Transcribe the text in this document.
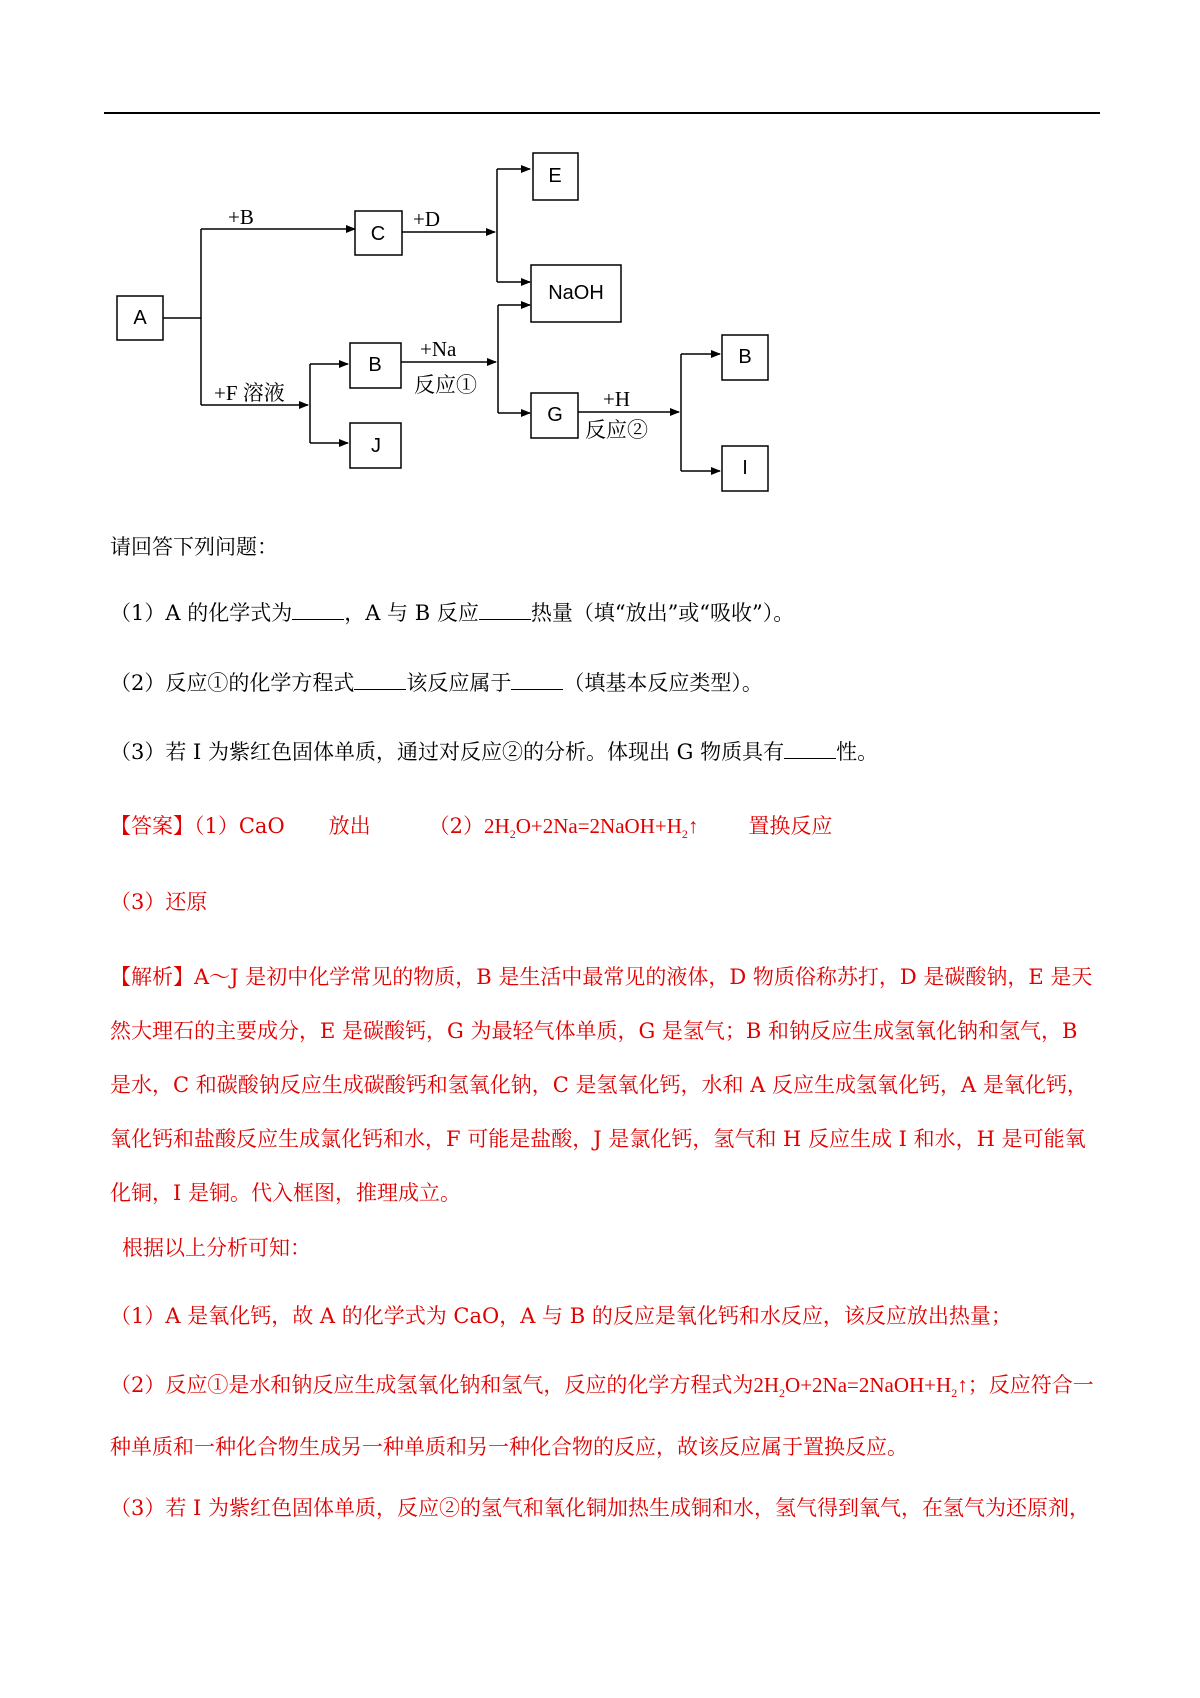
A
C
E
NaOH
B
J
G
B
I
+B	+D
+F 溶液
+Na
反应①
+H
反应②
请回答下列问题：
（1）A 的化学式为 ，A 与 B 反应 热量（填“放出”或“吸收”）。
（2）反应①的化学方程式 该反应属于 （填基本反应类型）。
（3）若 I 为紫红色固体单质，通过对反应②的分析。体现出 G 物质具有 性。
【答案】（1）CaO 放出	$(2)2H_2O+2Na=2NaOH+H_2↑$ 置换反应
（3）还原
【解析】A～J 是初中化学常见的物质，B 是生活中最常见的液体，D 物质俗称苏打，D 是碳酸钠，E 是天然大理石的主要成分，E 是碳酸钙，G 为最轻气体单质，G 是氢气；B 和钠反应生成氢氧化钠和氢气，B 是水，C 和碳酸钠反应生成碳酸钙和氢氧化钠，C 是氢氧化钙，水和 A 反应生成氢氧化钙，A 是氧化钙，氧化钙和盐酸反应生成氯化钙和水，F 可能是盐酸，J 是氯化钙，氢气和 H 反应生成 I 和水，H 是可能氧化铜，I 是铜。代入框图，推理成立。
根据以上分析可知：
（1）A 是氧化钙，故 A 的化学式为 CaO，A 与 B 的反应是氧化钙和水反应，该反应放出热量；
（2）反应①是水和钠反应生成氢氧化钠和氢气，反应的化学方程式为$2H_2O+2Na=2NaOH+H_2↑$；反应符合一种单质和一种化合物生成另一种单质和另一种化合物的反应，故该反应属于置换反应。
（3）若 I 为紫红色固体单质，反应②的氢气和氧化铜加热生成铜和水，氢气得到氧气，在氢气为还原剂，
